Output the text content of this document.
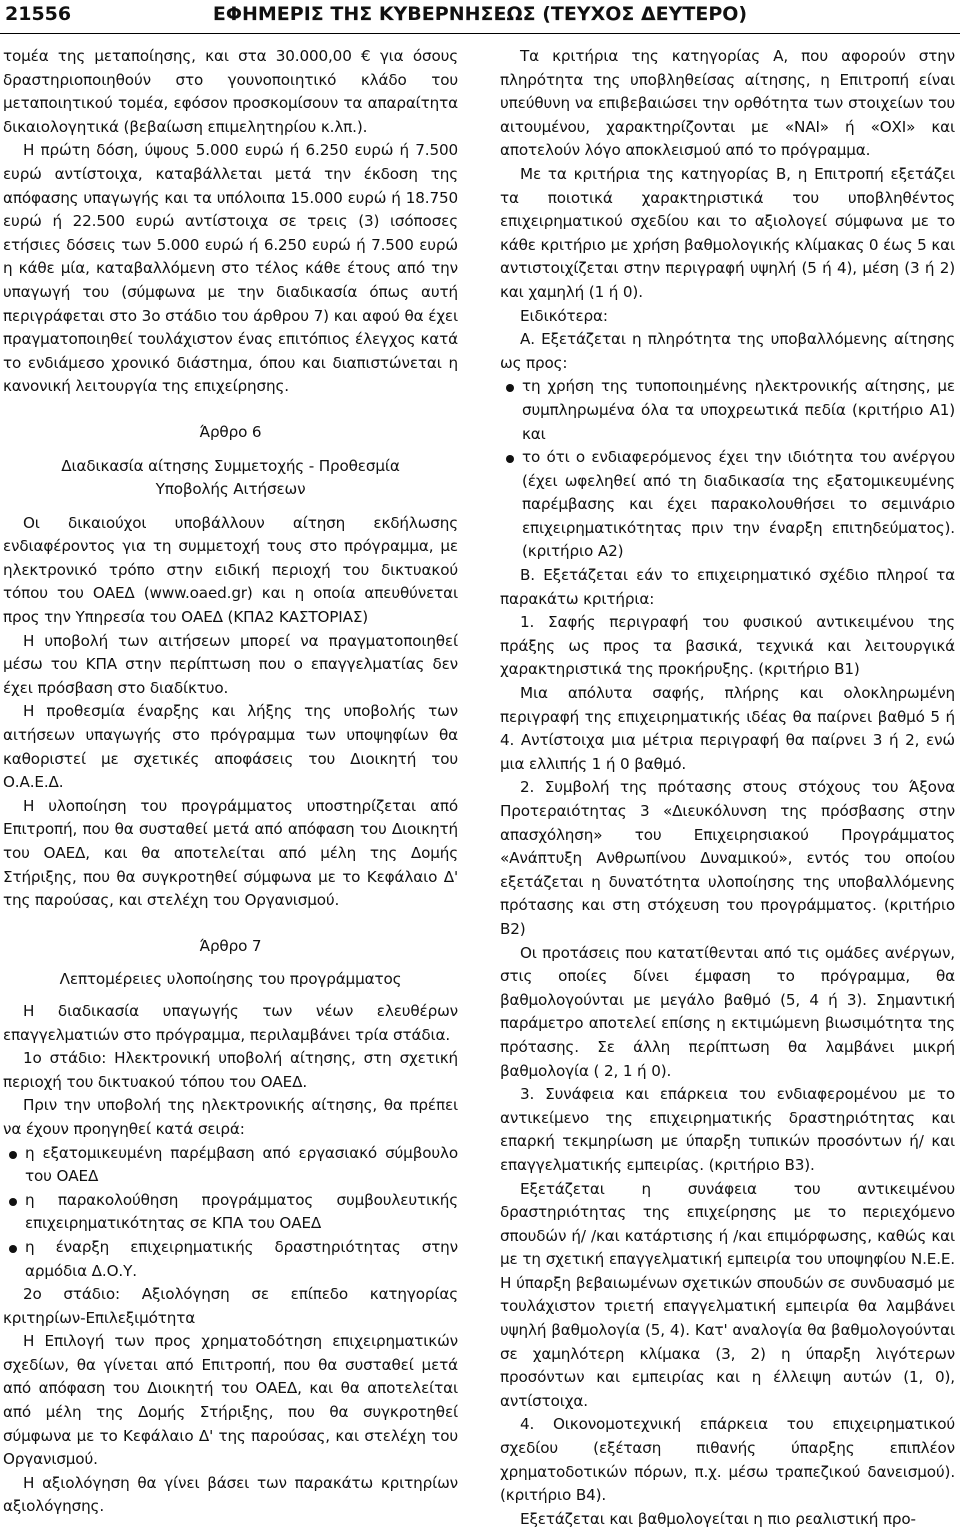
21556	ΕΦΗΜΕΡΙΣ ΤΗΣ ΚΥΒΕΡΝΗΣΕΩΣ (ΤΕΥΧΟΣ ΔΕΥΤΕΡΟ)

τομέα της μεταποίησης, και στα 30.000,00 € για όσους δραστηριοποιηθούν στο γουνοποιητικό κλάδο του μεταποιητικού τομέα, εφόσον προσκομίσουν τα απαραίτητα δικαιολογητικά (βεβαίωση επιμελητηρίου κ.λπ.).

Η πρώτη δόση, ύψους 5.000 ευρώ ή 6.250 ευρώ ή 7.500 ευρώ αντίστοιχα, καταβάλλεται μετά την έκδοση της απόφασης υπαγωγής και τα υπόλοιπα 15.000 ευρώ ή 18.750 ευρώ ή 22.500 ευρώ αντίστοιχα σε τρεις (3) ισόποσες ετήσιες δόσεις των 5.000 ευρώ ή 6.250 ευρώ ή 7.500 ευρώ η κάθε μία, καταβαλλόμενη στο τέλος κάθε έτους από την υπαγωγή του (σύμφωνα με την διαδικασία όπως αυτή περιγράφεται στο 3ο στάδιο του άρθρου 7) και αφού θα έχει πραγματοποιηθεί τουλάχιστον ένας επιτόπιος έλεγχος κατά το ενδιάμεσο χρονικό διάστημα, όπου και διαπιστώνεται η κανονική λειτουργία της επιχείρησης.

Άρθρο 6

Διαδικασία αίτησης Συμμετοχής - Προθεσμία

Υποβολής Αιτήσεων

Οι δικαιούχοι υποβάλλουν αίτηση εκδήλωσης ενδιαφέροντος για τη συμμετοχή τους στο πρόγραμμα, με ηλεκτρονικό τρόπο στην ειδική περιοχή του δικτυακού τόπου του ΟΑΕΔ (www.oaed.gr) και η οποία απευθύνεται προς την Υπηρεσία του ΟΑΕΔ (ΚΠΑ2 ΚΑΣΤΟΡΙΑΣ)

Η υποβολή των αιτήσεων μπορεί να πραγματοποιηθεί μέσω του ΚΠΑ στην περίπτωση που ο επαγγελματίας δεν έχει πρόσβαση στο διαδίκτυο.

Η προθεσμία έναρξης και λήξης της υποβολής των αιτήσεων υπαγωγής στο πρόγραμμα των υποψηφίων θα καθοριστεί με σχετικές αποφάσεις του Διοικητή του Ο.Α.Ε.Δ.

Η υλοποίηση του προγράμματος υποστηρίζεται από Επιτροπή, που θα συσταθεί μετά από απόφαση του Διοικητή του ΟΑΕΔ, και θα αποτελείται από μέλη της Δομής Στήριξης, που θα συγκροτηθεί σύμφωνα με το Κεφάλαιο Δ' της παρούσας, και στελέχη του Οργανισμού.

Άρθρο 7

Λεπτομέρειες υλοποίησης του προγράμματος

Η διαδικασία υπαγωγής των νέων ελευθέρων επαγγελματιών στο πρόγραμμα, περιλαμβάνει τρία στάδια.

1ο στάδιο: Ηλεκτρονική υποβολή αίτησης, στη σχετική περιοχή του δικτυακού τόπου του ΟΑΕΔ.

Πριν την υποβολή της ηλεκτρονικής αίτησης, θα πρέπει να έχουν προηγηθεί κατά σειρά:

η εξατομικευμένη παρέμβαση από εργασιακό σύμβουλο του ΟΑΕΔ
η παρακολούθηση προγράμματος συμβουλευτικής επιχειρηματικότητας σε ΚΠΑ του ΟΑΕΔ
η έναρξη επιχειρηματικής δραστηριότητας στην αρμόδια Δ.Ο.Υ.

2ο στάδιο: Αξιολόγηση σε επίπεδο κατηγορίας κριτηρίων-Επιλεξιμότητα

Η Επιλογή των προς χρηματοδότηση επιχειρηματικών σχεδίων, θα γίνεται από Επιτροπή, που θα συσταθεί μετά από απόφαση του Διοικητή του ΟΑΕΔ, και θα αποτελείται από μέλη της Δομής Στήριξης, που θα συγκροτηθεί σύμφωνα με το Κεφάλαιο Δ' της παρούσας, και στελέχη του Οργανισμού.

Η αξιολόγηση θα γίνει βάσει των παρακάτω κριτηρίων αξιολόγησης.

Τα κριτήρια της κατηγορίας Α, που αφορούν στην πληρότητα της υποβληθείσας αίτησης, η Επιτροπή είναι υπεύθυνη να επιβεβαιώσει την ορθότητα των στοιχείων του αιτουμένου, χαρακτηρίζονται με «ΝΑΙ» ή «ΟΧΙ» και αποτελούν λόγο αποκλεισμού από το πρόγραμμα.

Με τα κριτήρια της κατηγορίας Β, η Επιτροπή εξετάζει τα ποιοτικά χαρακτηριστικά του υποβληθέντος επιχειρηματικού σχεδίου και το αξιολογεί σύμφωνα με το κάθε κριτήριο με χρήση βαθμολογικής κλίμακας 0 έως 5 και αντιστοιχίζεται στην περιγραφή υψηλή (5 ή 4), μέση (3 ή 2) και χαμηλή (1 ή 0).

Ειδικότερα:

Α. Εξετάζεται η πληρότητα της υποβαλλόμενης αίτησης ως προς:

τη χρήση της τυποποιημένης ηλεκτρονικής αίτησης, με συμπληρωμένα όλα τα υποχρεωτικά πεδία (κριτήριο Α1) και
το ότι ο ενδιαφερόμενος έχει την ιδιότητα του ανέργου (έχει ωφεληθεί από τη διαδικασία της εξατομικευμένης παρέμβασης και έχει παρακολουθήσει το σεμινάριο επιχειρηματικότητας πριν την έναρξη επιτηδεύματος). (κριτήριο Α2)

Β. Εξετάζεται εάν το επιχειρηματικό σχέδιο πληροί τα παρακάτω κριτήρια:

1. Σαφής περιγραφή του φυσικού αντικειμένου της πράξης ως προς τα βασικά, τεχνικά και λειτουργικά χαρακτηριστικά της προκήρυξης. (κριτήριο Β1)

Μια απόλυτα σαφής, πλήρης και ολοκληρωμένη περιγραφή της επιχειρηματικής ιδέας θα παίρνει βαθμό 5 ή 4. Αντίστοιχα μια μέτρια περιγραφή θα παίρνει 3 ή 2, ενώ μια ελλιπής 1 ή 0 βαθμό.

2. Συμβολή της πρότασης στους στόχους του Άξονα Προτεραιότητας 3 «Διευκόλυνση της πρόσβασης στην απασχόληση» του Επιχειρησιακού Προγράμματος «Ανάπτυξη Ανθρωπίνου Δυναμικού», εντός του οποίου εξετάζεται η δυνατότητα υλοποίησης της υποβαλλόμενης πρότασης και στη στόχευση του προγράμματος. (κριτήριο Β2)

Οι προτάσεις που κατατίθενται από τις ομάδες ανέργων, στις οποίες δίνει έμφαση το πρόγραμμα, θα βαθμολογούνται με μεγάλο βαθμό (5, 4 ή 3). Σημαντική παράμετρο αποτελεί επίσης η εκτιμώμενη βιωσιμότητα της πρότασης. Σε άλλη περίπτωση θα λαμβάνει μικρή βαθμολογία ( 2, 1 ή 0).

3. Συνάφεια και επάρκεια του ενδιαφερομένου με το αντικείμενο της επιχειρηματικής δραστηριότητας και επαρκή τεκμηρίωση με ύπαρξη τυπικών προσόντων ή/ και επαγγελματικής εμπειρίας. (κριτήριο Β3).

Εξετάζεται η συνάφεια του αντικειμένου δραστηριότητας της επιχείρησης με το περιεχόμενο σπουδών ή/ /και κατάρτισης ή /και επιμόρφωσης, καθώς και με τη σχετική επαγγελματική εμπειρία του υποψηφίου Ν.Ε.Ε. Η ύπαρξη βεβαιωμένων σχετικών σπουδών σε συνδυασμό με τουλάχιστον τριετή επαγγελματική εμπειρία θα λαμβάνει υψηλή βαθμολογία (5, 4). Κατ' αναλογία θα βαθμολογούνται σε χαμηλότερη κλίμακα (3, 2) η ύπαρξη λιγότερων προσόντων και εμπειρίας και η έλλειψη αυτών (1, 0), αντίστοιχα.

4. Οικονομοτεχνική επάρκεια του επιχειρηματικού σχεδίου (εξέταση πιθανής ύπαρξης επιπλέον χρηματοδοτικών πόρων, π.χ. μέσω τραπεζικού δανεισμού). (κριτήριο Β4).

Εξετάζεται και βαθμολογείται η πιο ρεαλιστική προ-
